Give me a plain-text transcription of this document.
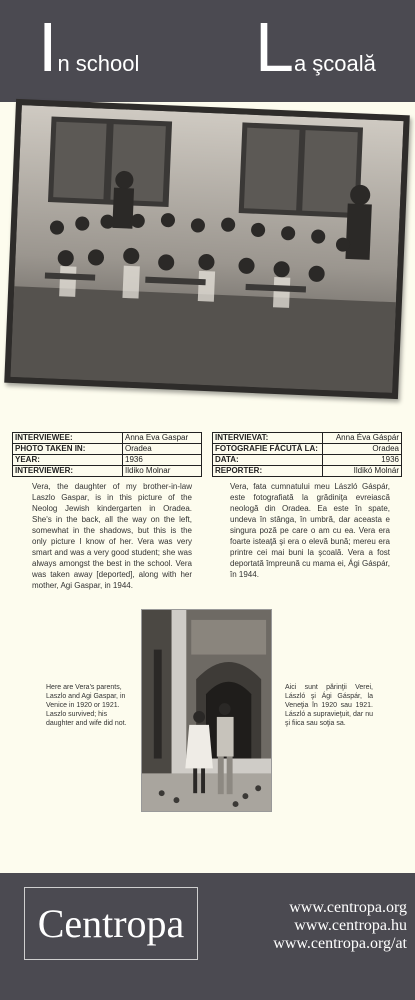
In school La şcoală
INTERVIEWEE:	Anna Eva Gaspar
PHOTO TAKEN IN:	Oradea
YEAR:	1936
INTERVIEWER:	Ildiko Molnar
INTERVIEVAT:	Anna Éva Gáspár
FOTOGRAFIE FĂCUTĂ LA:	Oradea
DATA:	1936
REPORTER:	Ildikó Molnár

Vera, the daughter of my brother-in-law Laszlo Gaspar, is in this picture of the Neolog Jewish kindergarten in Oradea. She's in the back, all the way on the left, somewhat in the shadows, but this is the only picture I know of her. Vera was very smart and was a very good student; she was always amongst the best in the school. Vera was taken away [deported], along with her mother, Agi Gaspar, in 1944.

Vera, fata cumnatului meu László Gáspár, este fotografiată la grădiniţa evreiască neologă din Oradea. Ea este în spate, undeva în stânga, în umbră, dar aceasta e singura poză pe care o am cu ea. Vera era foarte isteaţă şi era o elevă bună; mereu era printre cei mai buni la şcoală. Vera a fost deportată împreună cu mama ei, Ági Gáspár, în 1944.

Here are Vera's parents, Laszlo and Agi Gaspar, in Venice in 1920 or 1921. Laszlo survived; his daughter and wife did not.

Aici sunt părinţii Verei, László şi Ági Gáspár, la Veneţia în 1920 sau 1921. László a supravieţuit, dar nu şi fiica sau soţia sa.

Centropa	www.centropa.org
www.centropa.hu
www.centropa.org/at
